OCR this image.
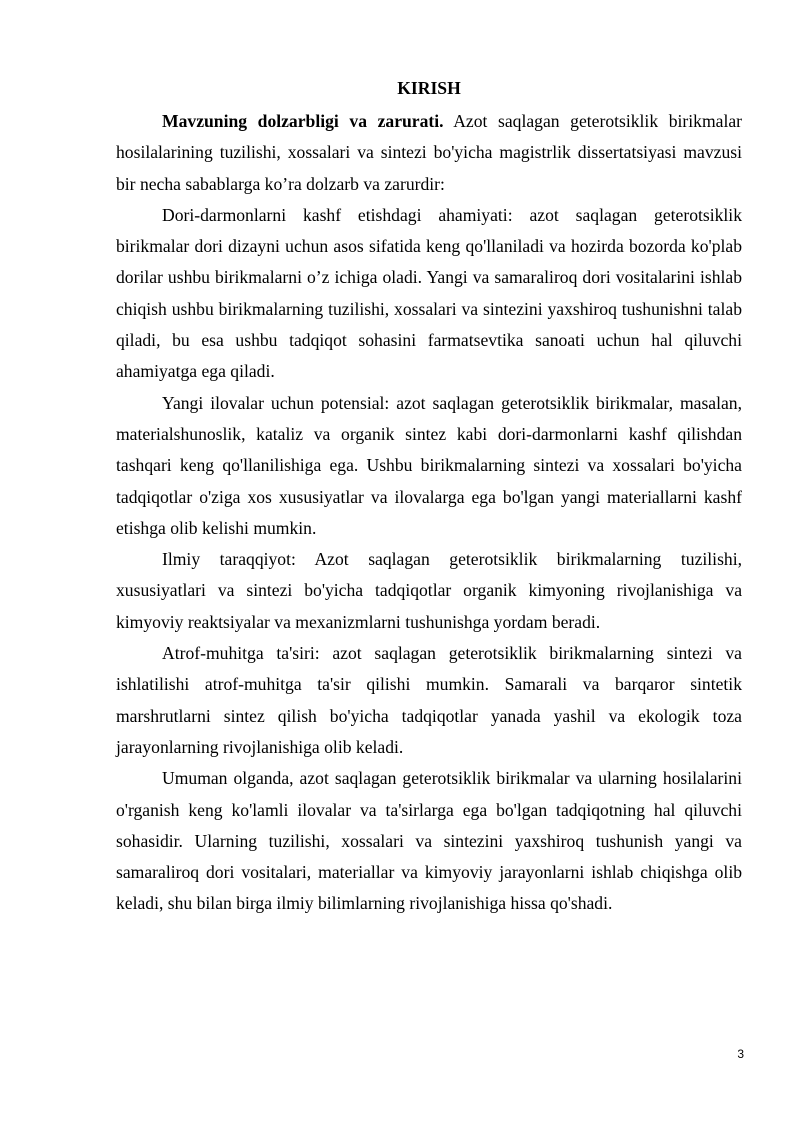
KIRISH

Mavzuning dolzarbligi va zarurati. Azot saqlagan geterotsiklik birikmalar hosilalarining tuzilishi, xossalari va sintezi bo'yicha magistrlik dissertatsiyasi mavzusi bir necha sabablarga ko’ra dolzarb va zarurdir:

Dori-darmonlarni kashf etishdagi ahamiyati: azot saqlagan geterotsiklik birikmalar dori dizayni uchun asos sifatida keng qo'llaniladi va hozirda bozorda ko'plab dorilar ushbu birikmalarni o’z ichiga oladi. Yangi va samaraliroq dori vositalarini ishlab chiqish ushbu birikmalarning tuzilishi, xossalari va sintezini yaxshiroq tushunishni talab qiladi, bu esa ushbu tadqiqot sohasini farmatsevtika sanoati uchun hal qiluvchi ahamiyatga ega qiladi.

Yangi ilovalar uchun potensial: azot saqlagan geterotsiklik birikmalar, masalan, materialshunoslik, kataliz va organik sintez kabi dori-darmonlarni kashf qilishdan tashqari keng qo'llanilishiga ega. Ushbu birikmalarning sintezi va xossalari bo'yicha tadqiqotlar o'ziga xos xususiyatlar va ilovalarga ega bo'lgan yangi materiallarni kashf etishga olib kelishi mumkin.

Ilmiy taraqqiyot: Azot saqlagan geterotsiklik birikmalarning tuzilishi, xususiyatlari va sintezi bo'yicha tadqiqotlar organik kimyoning rivojlanishiga va kimyoviy reaktsiyalar va mexanizmlarni tushunishga yordam beradi.

Atrof-muhitga ta'siri: azot saqlagan geterotsiklik birikmalarning sintezi va ishlatilishi atrof-muhitga ta'sir qilishi mumkin. Samarali va barqaror sintetik marshrutlarni sintez qilish bo'yicha tadqiqotlar yanada yashil va ekologik toza jarayonlarning rivojlanishiga olib keladi.

Umuman olganda, azot saqlagan geterotsiklik birikmalar va ularning hosilalarini o'rganish keng ko'lamli ilovalar va ta'sirlarga ega bo'lgan tadqiqotning hal qiluvchi sohasidir. Ularning tuzilishi, xossalari va sintezini yaxshiroq tushunish yangi va samaraliroq dori vositalari, materiallar va kimyoviy jarayonlarni ishlab chiqishga olib keladi, shu bilan birga ilmiy bilimlarning rivojlanishiga hissa qo'shadi.

3
